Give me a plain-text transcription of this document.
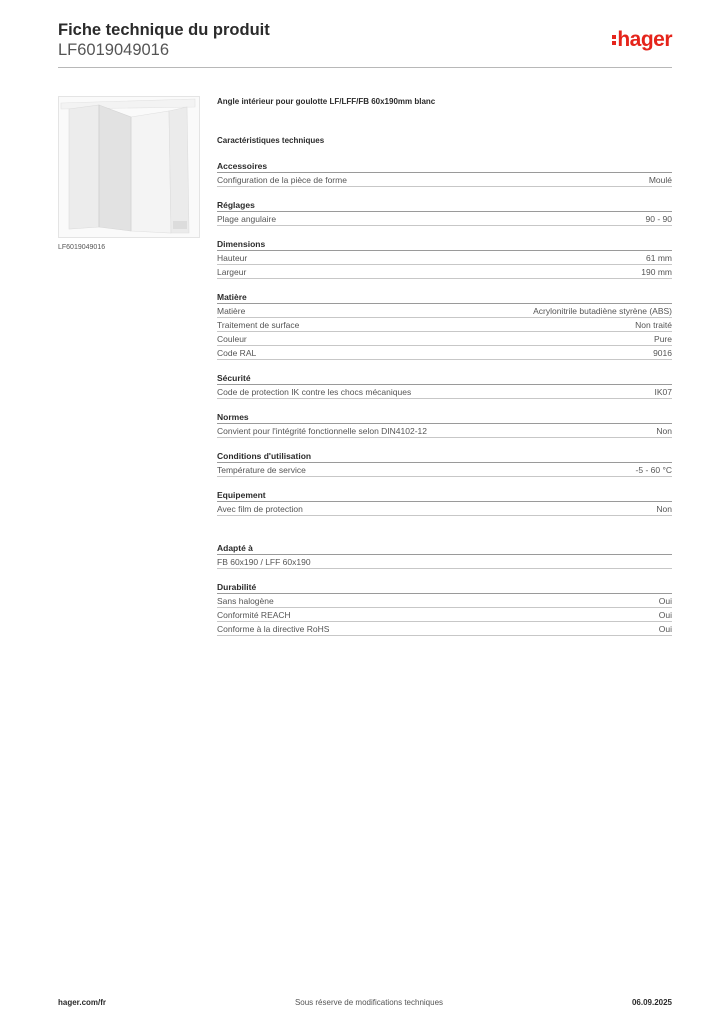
Fiche technique du produit
LF6019049016	hager
LF6019049016
Angle intérieur pour goulotte LF/LFF/FB 60x190mm blanc
Caractéristiques techniques
Accessoires
Configuration de la pièce de forme	Moulé
Réglages
Plage angulaire	90 - 90
Dimensions
Hauteur	61 mm
Largeur	190 mm
Matière
Matière	Acrylonitrile butadiène styrène (ABS)
Traitement de surface	Non traité
Couleur	Pure
Code RAL	9016
Sécurité
Code de protection IK contre les chocs mécaniques	IK07
Normes
Convient pour l'intégrité fonctionnelle selon DIN4102-12	Non
Conditions d'utilisation
Température de service	-5 - 60 °C
Equipement
Avec film de protection	Non
Adapté à
FB 60x190 / LFF 60x190
Durabilité
Sans halogène	Oui
Conformité REACH	Oui
Conforme à la directive RoHS	Oui
hager.com/fr	Sous réserve de modifications techniques	06.09.2025
